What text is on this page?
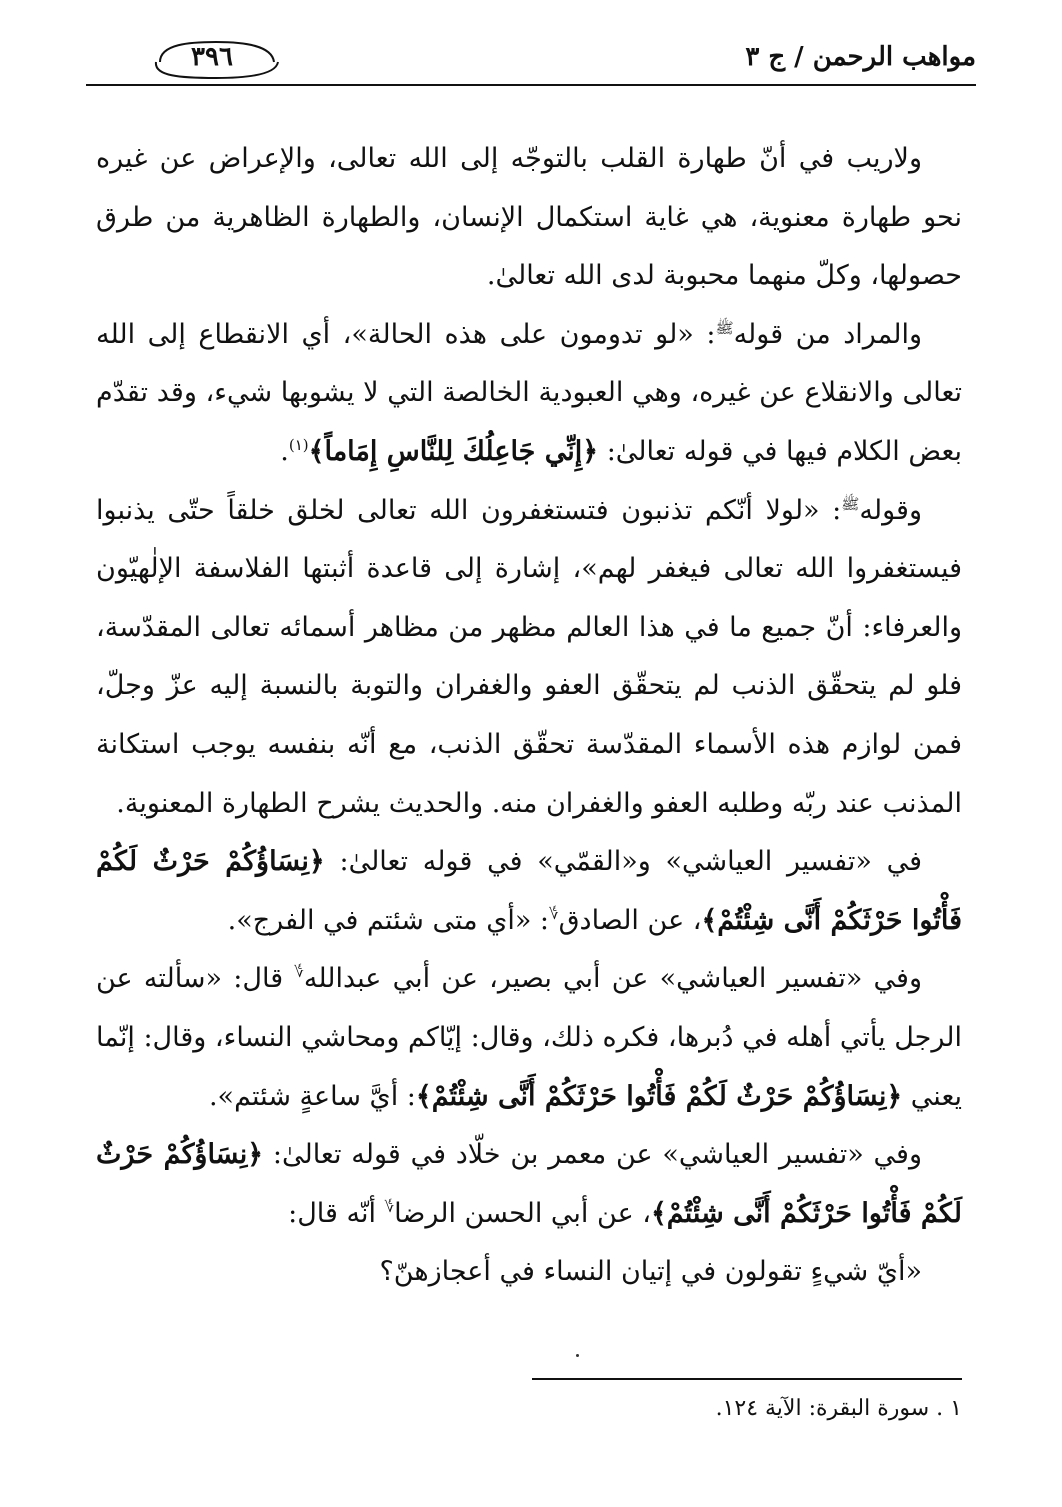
مواهب الرحمن / ج ٣
٣٩٦

ولاريب في أنّ طهارة القلب بالتوجّه إلى الله تعالى، والإعراض عن غيره نحو طهارة معنوية، هي غاية استكمال الإنسان، والطهارة الظاهرية من طرق حصولها، وكلّ منهما محبوبة لدى الله تعالىٰ.

والمراد من قوله$^ﷺ$: «لو تدومون على هذه الحالة»، أي الانقطاع إلى الله تعالى والانقلاع عن غيره، وهي العبودية الخالصة التي لا يشوبها شيء، وقد تقدّم بعض الكلام فيها في قوله تعالىٰ: ﴿إِنِّي جَاعِلُكَ لِلنَّاسِ إِمَاماً﴾$^{(١)}$.

وقوله$^ﷺ$: «لولا أنّكم تذنبون فتستغفرون الله تعالى لخلق خلقاً حتّى يذنبوا فيستغفروا الله تعالى فيغفر لهم»، إشارة إلى قاعدة أثبتها الفلاسفة الإلٰهيّون والعرفاء: أنّ جميع ما في هذا العالم مظهر من مظاهر أسمائه تعالى المقدّسة، فلو لم يتحقّق الذنب لم يتحقّق العفو والغفران والتوبة بالنسبة إليه عزّ وجلّ، فمن لوازم هذه الأسماء المقدّسة تحقّق الذنب، مع أنّه بنفسه يوجب استكانة المذنب عند ربّه وطلبه العفو والغفران منه. والحديث يشرح الطهارة المعنوية.

في «تفسير العياشي» و«القمّي» في قوله تعالىٰ: ﴿نِسَاؤُكُمْ حَرْثٌ لَكُمْ فَأْتُوا حَرْثَكُمْ أَنَّى شِئْتُمْ﴾، عن الصادق؇: «أي متى شئتم في الفرج».

وفي «تفسير العياشي» عن أبي بصير، عن أبي عبدالله؇ قال: «سألته عن الرجل يأتي أهله في دُبرها، فكره ذلك، وقال: إيّاكم ومحاشي النساء، وقال: إنّما يعني ﴿نِسَاؤُكُمْ حَرْثٌ لَكُمْ فَأْتُوا حَرْثَكُمْ أَنَّى شِئْتُمْ﴾: أيَّ ساعةٍ شئتم».

وفي «تفسير العياشي» عن معمر بن خلّاد في قوله تعالىٰ: ﴿نِسَاؤُكُمْ حَرْثٌ لَكُمْ فَأْتُوا حَرْثَكُمْ أَنَّى شِئْتُمْ﴾، عن أبي الحسن الرضا؇ أنّه قال:

«أيّ شيءٍ تقولون في إتيان النساء في أعجازهنّ؟

١ . سورة البقرة: الآية ١٢٤.
